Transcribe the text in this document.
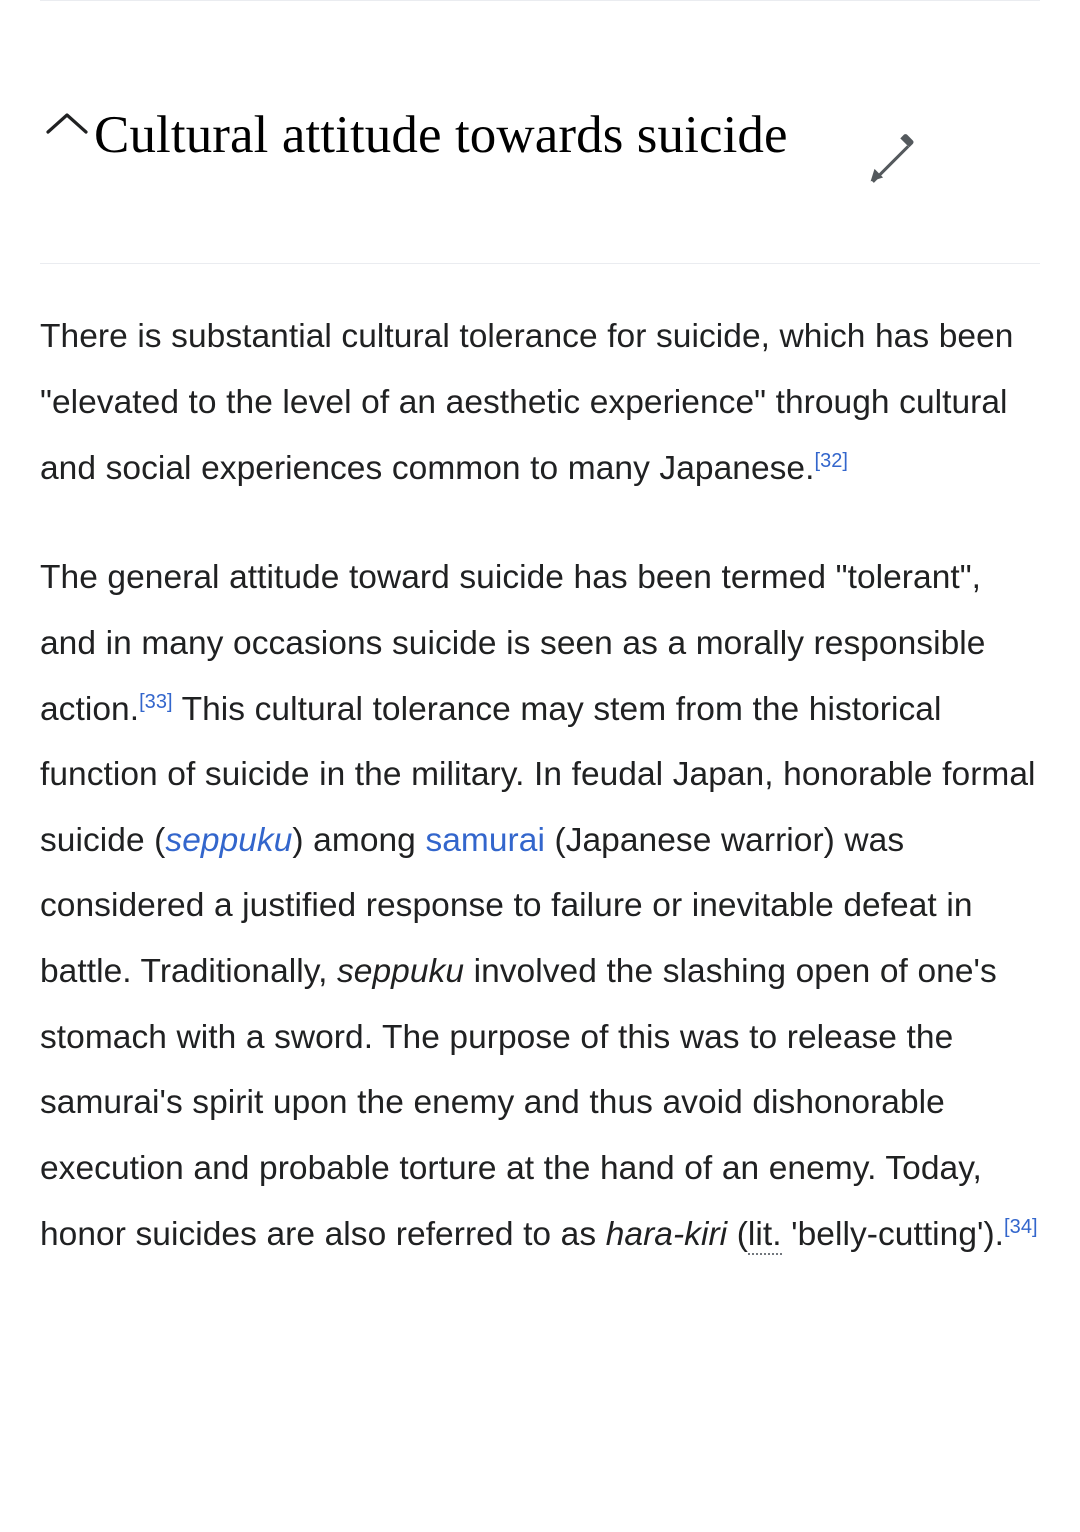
Cultural attitude towards suicide

There is substantial cultural tolerance for suicide, which has been "elevated to the level of an aesthetic experience" through cultural and social experiences common to many Japanese.[32]

The general attitude toward suicide has been termed "tolerant", and in many occasions suicide is seen as a morally responsible action.[33] This cultural tolerance may stem from the historical function of suicide in the military. In feudal Japan, honorable formal suicide (seppuku) among samurai (Japanese warrior) was considered a justified response to failure or inevitable defeat in battle. Traditionally, seppuku involved the slashing open of one's stomach with a sword. The purpose of this was to release the samurai's spirit upon the enemy and thus avoid dishonorable execution and probable torture at the hand of an enemy. Today, honor suicides are also referred to as hara-kiri (lit. 'belly-cutting').[34]
